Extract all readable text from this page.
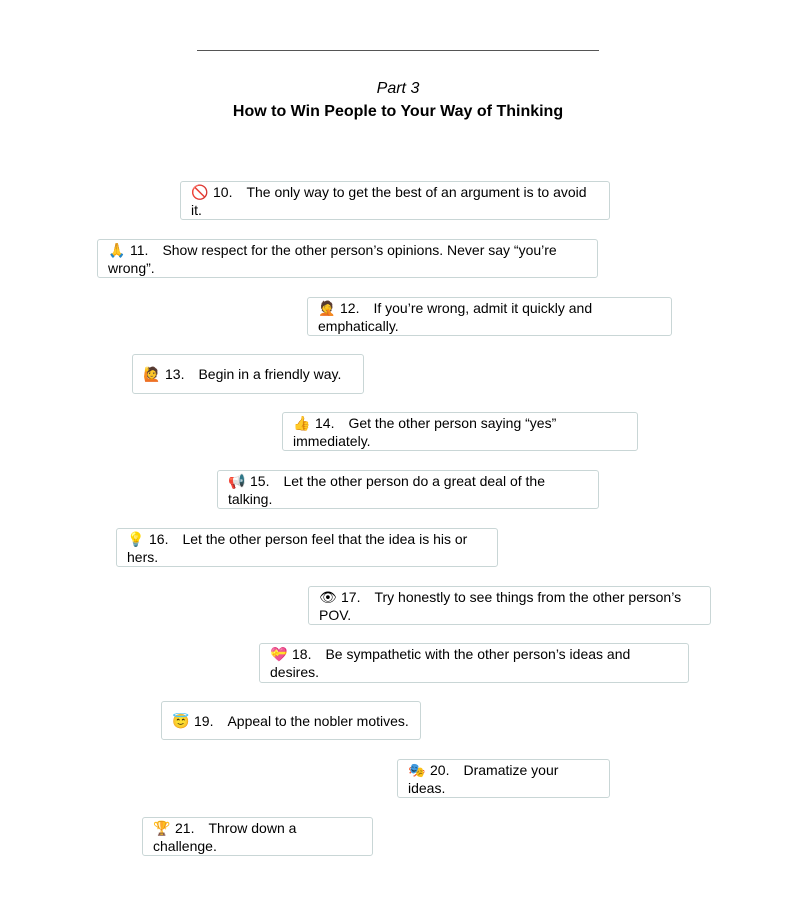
Part 3
How to Win People to Your Way of Thinking
🚫 10. The only way to get the best of an argument is to avoid it.
🙏 11. Show respect for the other person’s opinions. Never say “you’re wrong”.
🤦 12. If you’re wrong, admit it quickly and emphatically.
🙋 13. Begin in a friendly way.
👍 14. Get the other person saying “yes” immediately.
📢 15. Let the other person do a great deal of the talking.
💡 16. Let the other person feel that the idea is his or hers.
👁 17. Try honestly to see things from the other person’s POV.
💝 18. Be sympathetic with the other person’s ideas and desires.
😇 19. Appeal to the nobler motives.
🎭 20. Dramatize your ideas.
🏆 21. Throw down a challenge.
